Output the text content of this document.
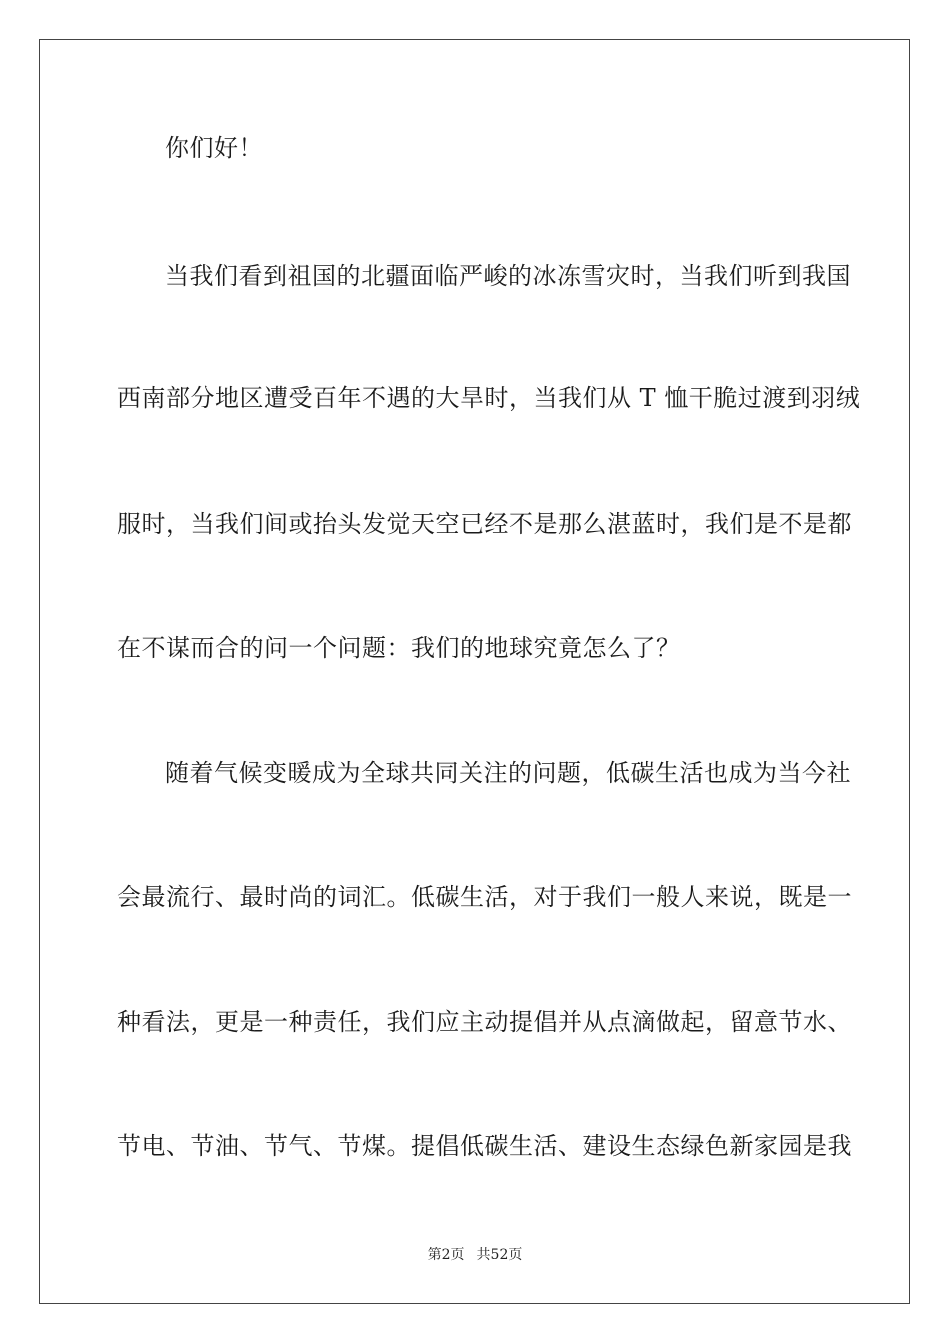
你们好！
当我们看到祖国的北疆面临严峻的冰冻雪灾时，当我们听到我国
西南部分地区遭受百年不遇的大旱时，当我们从 T 恤干脆过渡到羽绒
服时，当我们间或抬头发觉天空已经不是那么湛蓝时，我们是不是都
在不谋而合的问一个问题：我们的地球究竟怎么了？
随着气候变暖成为全球共同关注的问题，低碳生活也成为当今社
会最流行、最时尚的词汇。低碳生活，对于我们一般人来说，既是一
种看法，更是一种责任，我们应主动提倡并从点滴做起，留意节水、
节电、节油、节气、节煤。提倡低碳生活、建设生态绿色新家园是我
第2页 共52页
